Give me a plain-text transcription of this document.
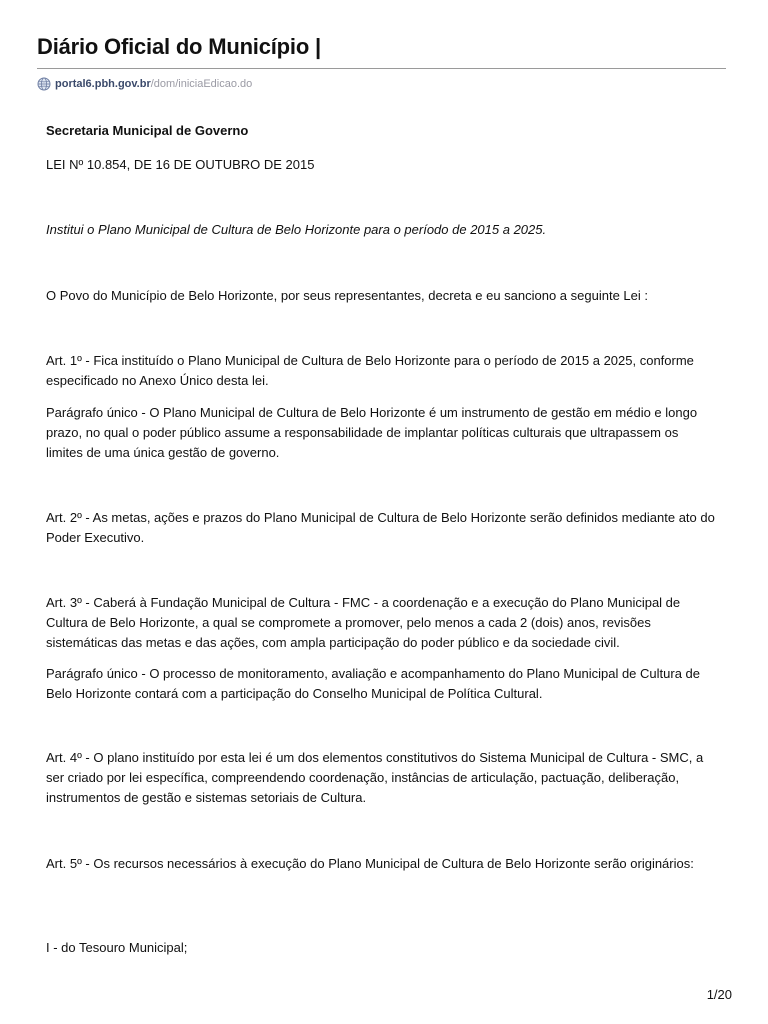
Diário Oficial do Município |
portal6.pbh.gov.br /dom/iniciaEdicao.do

Secretaria Municipal de Governo

LEI Nº 10.854, DE 16 DE OUTUBRO DE 2015

Institui o Plano Municipal de Cultura de Belo Horizonte para o período de 2015 a 2025.

O Povo do Município de Belo Horizonte, por seus representantes, decreta e eu sanciono a seguinte Lei :

Art. 1º - Fica instituído o Plano Municipal de Cultura de Belo Horizonte para o período de 2015 a 2025, conforme especificado no Anexo Único desta lei.

Parágrafo único - O Plano Municipal de Cultura de Belo Horizonte é um instrumento de gestão em médio e longo prazo, no qual o poder público assume a responsabilidade de implantar políticas culturais que ultrapassem os limites de uma única gestão de governo.

Art. 2º - As metas, ações e prazos do Plano Municipal de Cultura de Belo Horizonte serão definidos mediante ato do Poder Executivo.

Art. 3º - Caberá à Fundação Municipal de Cultura - FMC - a coordenação e a execução do Plano Municipal de Cultura de Belo Horizonte, a qual se compromete a promover, pelo menos a cada 2 (dois) anos, revisões sistemáticas das metas e das ações, com ampla participação do poder público e da sociedade civil.

Parágrafo único - O processo de monitoramento, avaliação e acompanhamento do Plano Municipal de Cultura de Belo Horizonte contará com a participação do Conselho Municipal de Política Cultural.

Art. 4º - O plano instituído por esta lei é um dos elementos constitutivos do Sistema Municipal de Cultura - SMC, a ser criado por lei específica, compreendendo coordenação, instâncias de articulação, pactuação, deliberação, instrumentos de gestão e sistemas setoriais de Cultura.

Art. 5º - Os recursos necessários à execução do Plano Municipal de Cultura de Belo Horizonte serão originários:

I - do Tesouro Municipal;

1/20
